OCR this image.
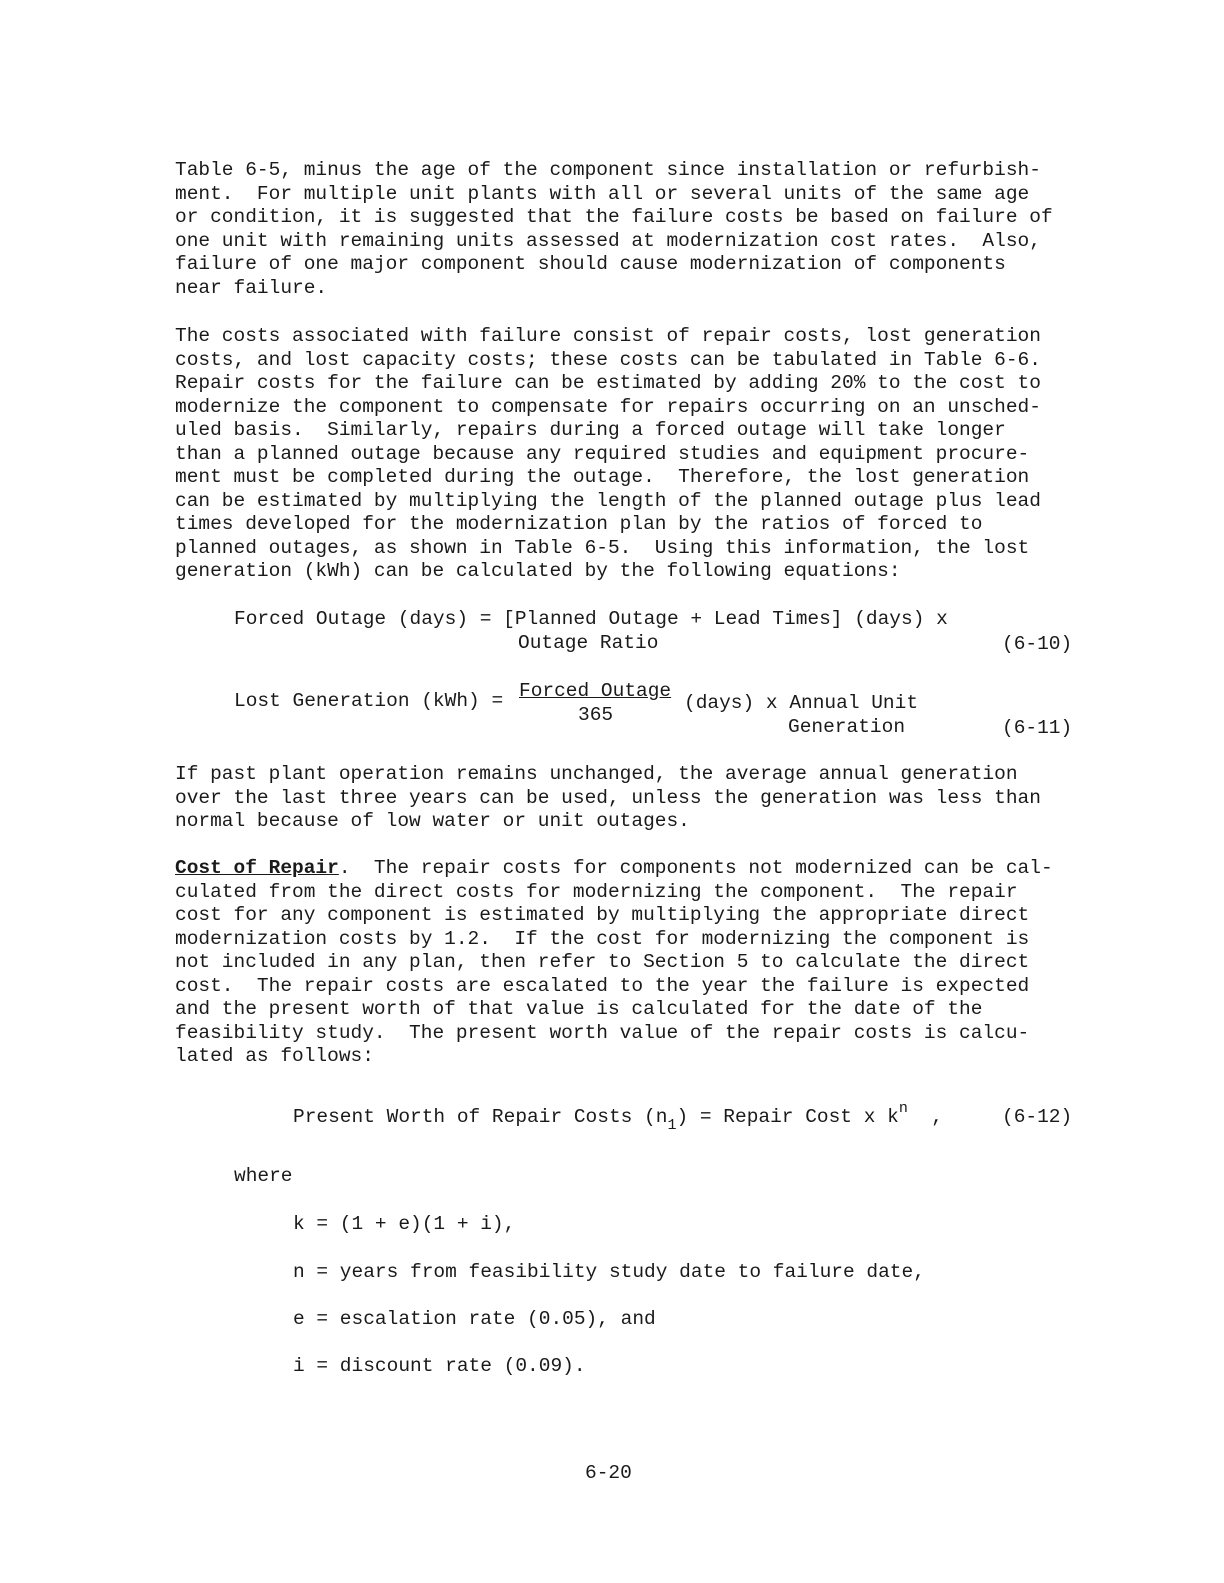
Table 6-5, minus the age of the component since installation or refurbish-
ment.  For multiple unit plants with all or several units of the same age
or condition, it is suggested that the failure costs be based on failure of
one unit with remaining units assessed at modernization cost rates.  Also,
failure of one major component should cause modernization of components
near failure.
The costs associated with failure consist of repair costs, lost generation
costs, and lost capacity costs; these costs can be tabulated in Table 6-6.
Repair costs for the failure can be estimated by adding 20% to the cost to
modernize the component to compensate for repairs occurring on an unsched-
uled basis.  Similarly, repairs during a forced outage will take longer
than a planned outage because any required studies and equipment procure-
ment must be completed during the outage.  Therefore, the lost generation
can be estimated by multiplying the length of the planned outage plus lead
times developed for the modernization plan by the ratios of forced to
planned outages, as shown in Table 6-5.  Using this information, the lost
generation (kWh) can be calculated by the following equations:
Forced Outage (days) = [Planned Outage + Lead Times] (days) x
Outage Ratio	(6-10)
Lost Generation (kWh) = Forced Outage
365
(days) x Annual Unit
Generation	(6-11)
If past plant operation remains unchanged, the average annual generation
over the last three years can be used, unless the generation was less than
normal because of low water or unit outages.
Cost of Repair.  The repair costs for components not modernized can be cal-
culated from the direct costs for modernizing the component.  The repair
cost for any component is estimated by multiplying the appropriate direct
modernization costs by 1.2.  If the cost for modernizing the component is
not included in any plan, then refer to Section 5 to calculate the direct
cost.  The repair costs are escalated to the year the failure is expected
and the present worth of that value is calculated for the date of the
feasibility study.  The present worth value of the repair costs is calcu-
lated as follows:
Present Worth of Repair Costs $(n_1)$ = Repair Cost x $k^n$  ,	(6-12)
where
k = (1 + e)(1 + i),
n = years from feasibility study date to failure date,
e = escalation rate (0.05), and
i = discount rate (0.09).
6-20
